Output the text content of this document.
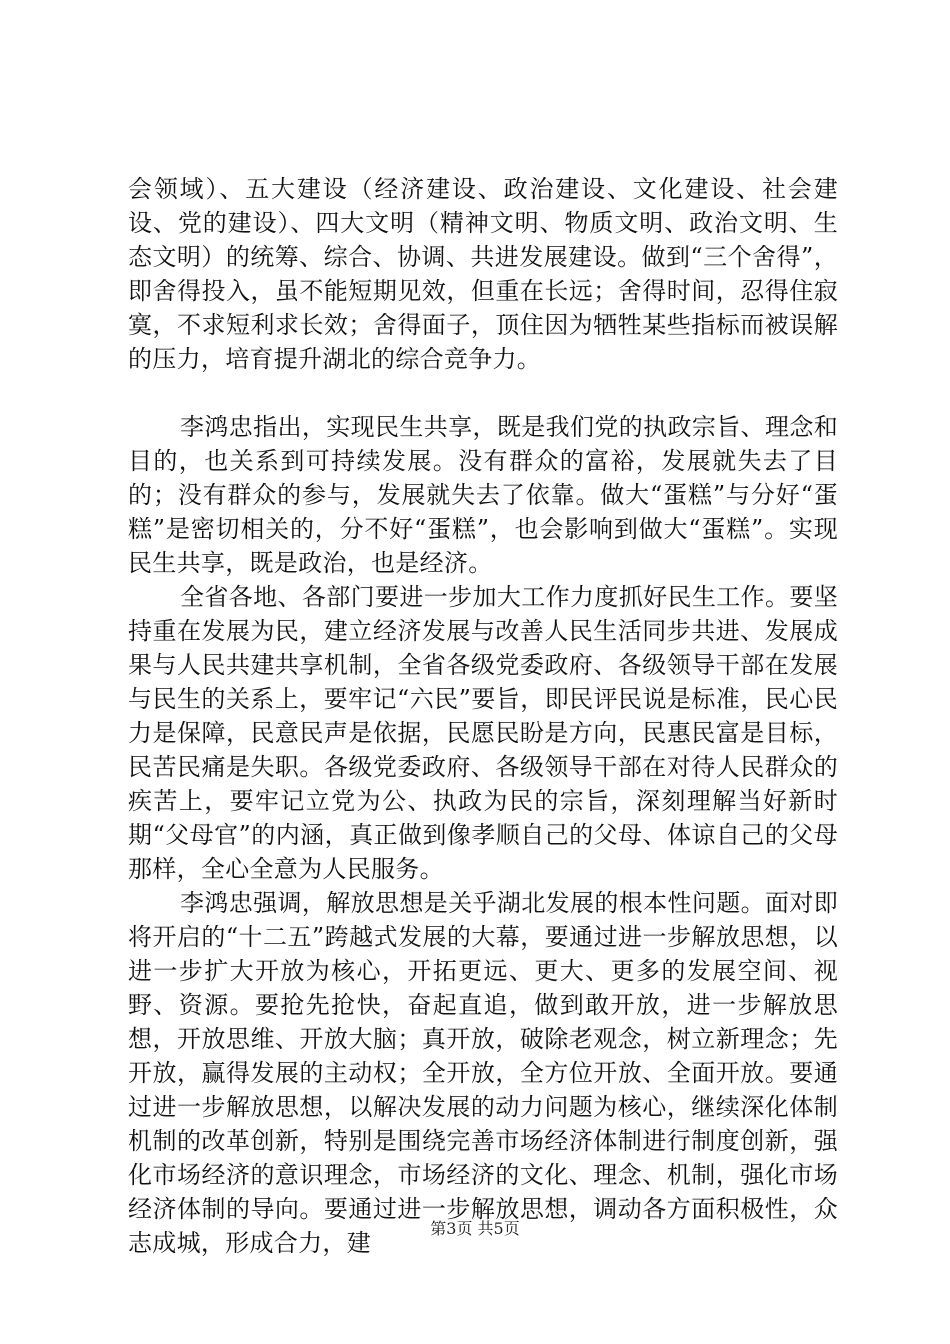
会领域）、五大建设（经济建设、政治建设、文化建设、社会建设、党的建设）、四大文明（精神文明、物质文明、政治文明、生态文明）的统筹、综合、协调、共进发展建设。做到“三个舍得”，即舍得投入，虽不能短期见效，但重在长远；舍得时间，忍得住寂寞，不求短利求长效；舍得面子，顶住因为牺牲某些指标而被误解的压力，培育提升湖北的综合竞争力。

李鸿忠指出，实现民生共享，既是我们党的执政宗旨、理念和目的，也关系到可持续发展。没有群众的富裕，发展就失去了目的；没有群众的参与，发展就失去了依靠。做大“蛋糕”与分好“蛋糕”是密切相关的，分不好“蛋糕”，也会影响到做大“蛋糕”。实现民生共享，既是政治，也是经济。

全省各地、各部门要进一步加大工作力度抓好民生工作。要坚持重在发展为民，建立经济发展与改善人民生活同步共进、发展成果与人民共建共享机制，全省各级党委政府、各级领导干部在发展与民生的关系上，要牢记“六民”要旨，即民评民说是标准，民心民力是保障，民意民声是依据，民愿民盼是方向，民惠民富是目标，民苦民痛是失职。各级党委政府、各级领导干部在对待人民群众的疾苦上，要牢记立党为公、执政为民的宗旨，深刻理解当好新时期“父母官”的内涵，真正做到像孝顺自己的父母、体谅自己的父母那样，全心全意为人民服务。

李鸿忠强调，解放思想是关乎湖北发展的根本性问题。面对即将开启的“十二五”跨越式发展的大幕，要通过进一步解放思想，以进一步扩大开放为核心，开拓更远、更大、更多的发展空间、视野、资源。要抢先抢快，奋起直追，做到敢开放，进一步解放思想，开放思维、开放大脑；真开放，破除老观念，树立新理念；先开放，赢得发展的主动权；全开放，全方位开放、全面开放。要通过进一步解放思想，以解决发展的动力问题为核心，继续深化体制机制的改革创新，特别是围绕完善市场经济体制进行制度创新，强化市场经济的意识理念，市场经济的文化、理念、机制，强化市场经济体制的导向。要通过进一步解放思想，调动各方面积极性，众志成城，形成合力，建

第3页 共5页
